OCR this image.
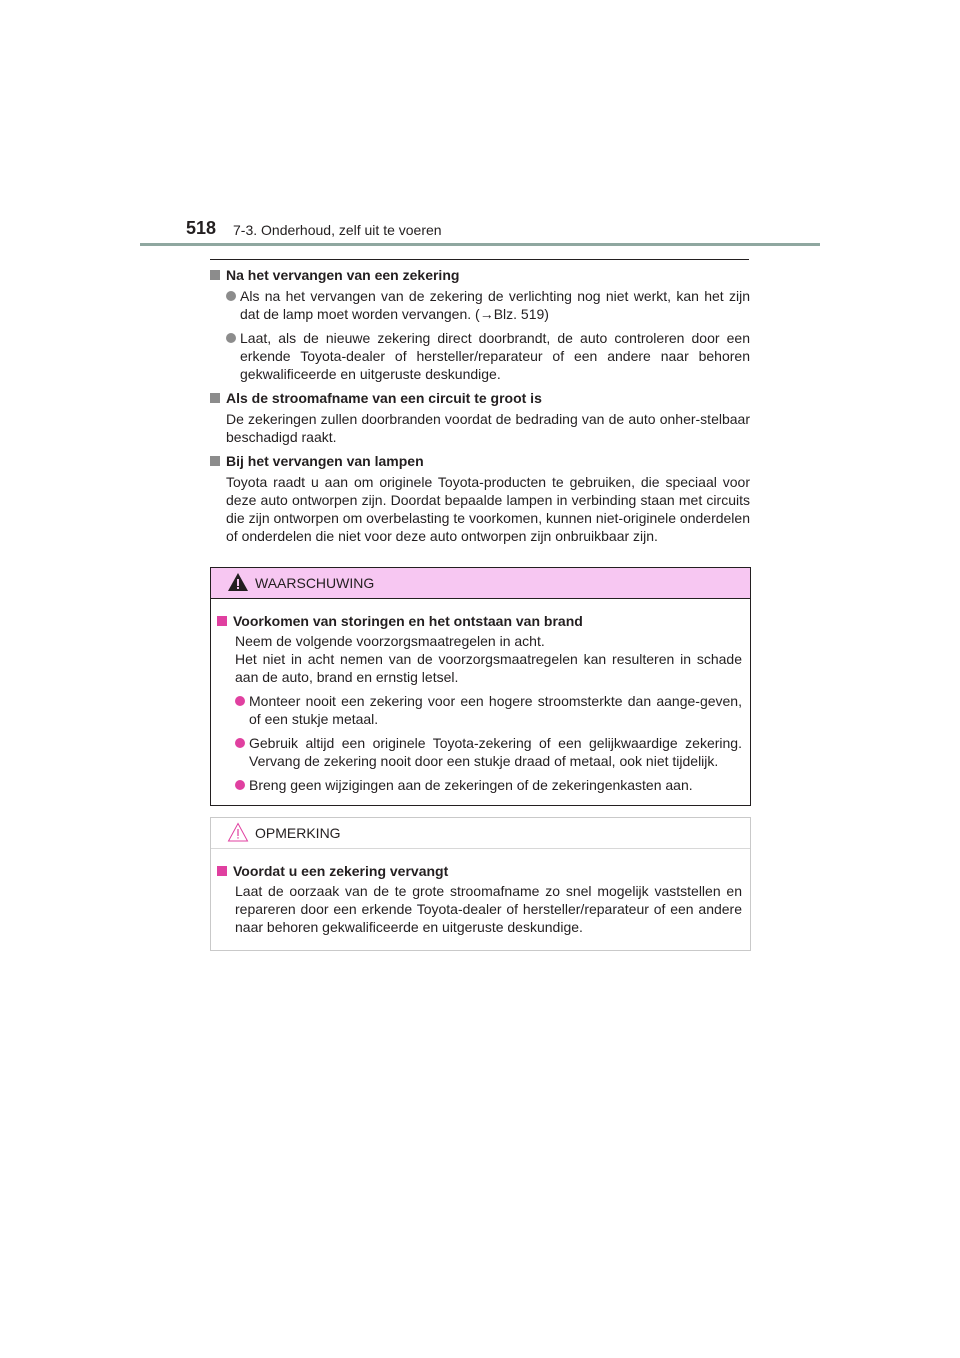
518 7-3. Onderhoud, zelf uit te voeren
Na het vervangen van een zekering
Als na het vervangen van de zekering de verlichting nog niet werkt, kan het zijn dat de lamp moet worden vervangen. (→Blz. 519)
Laat, als de nieuwe zekering direct doorbrandt, de auto controleren door een erkende Toyota-dealer of hersteller/reparateur of een andere naar behoren gekwalificeerde en uitgeruste deskundige.
Als de stroomafname van een circuit te groot is
De zekeringen zullen doorbranden voordat de bedrading van de auto onher-stelbaar beschadigd raakt.
Bij het vervangen van lampen
Toyota raadt u aan om originele Toyota-producten te gebruiken, die speciaal voor deze auto ontworpen zijn. Doordat bepaalde lampen in verbinding staan met circuits die zijn ontworpen om overbelasting te voorkomen, kunnen niet-originele onderdelen of onderdelen die niet voor deze auto ontworpen zijn onbruikbaar zijn.
WAARSCHUWING
Voorkomen van storingen en het ontstaan van brand
Neem de volgende voorzorgsmaatregelen in acht.
Het niet in acht nemen van de voorzorgsmaatregelen kan resulteren in schade aan de auto, brand en ernstig letsel.
Monteer nooit een zekering voor een hogere stroomsterkte dan aange-geven, of een stukje metaal.
Gebruik altijd een originele Toyota-zekering of een gelijkwaardige zekering. Vervang de zekering nooit door een stukje draad of metaal, ook niet tijdelijk.
Breng geen wijzigingen aan de zekeringen of de zekeringenkasten aan.
OPMERKING
Voordat u een zekering vervangt
Laat de oorzaak van de te grote stroomafname zo snel mogelijk vaststellen en repareren door een erkende Toyota-dealer of hersteller/reparateur of een andere naar behoren gekwalificeerde en uitgeruste deskundige.
